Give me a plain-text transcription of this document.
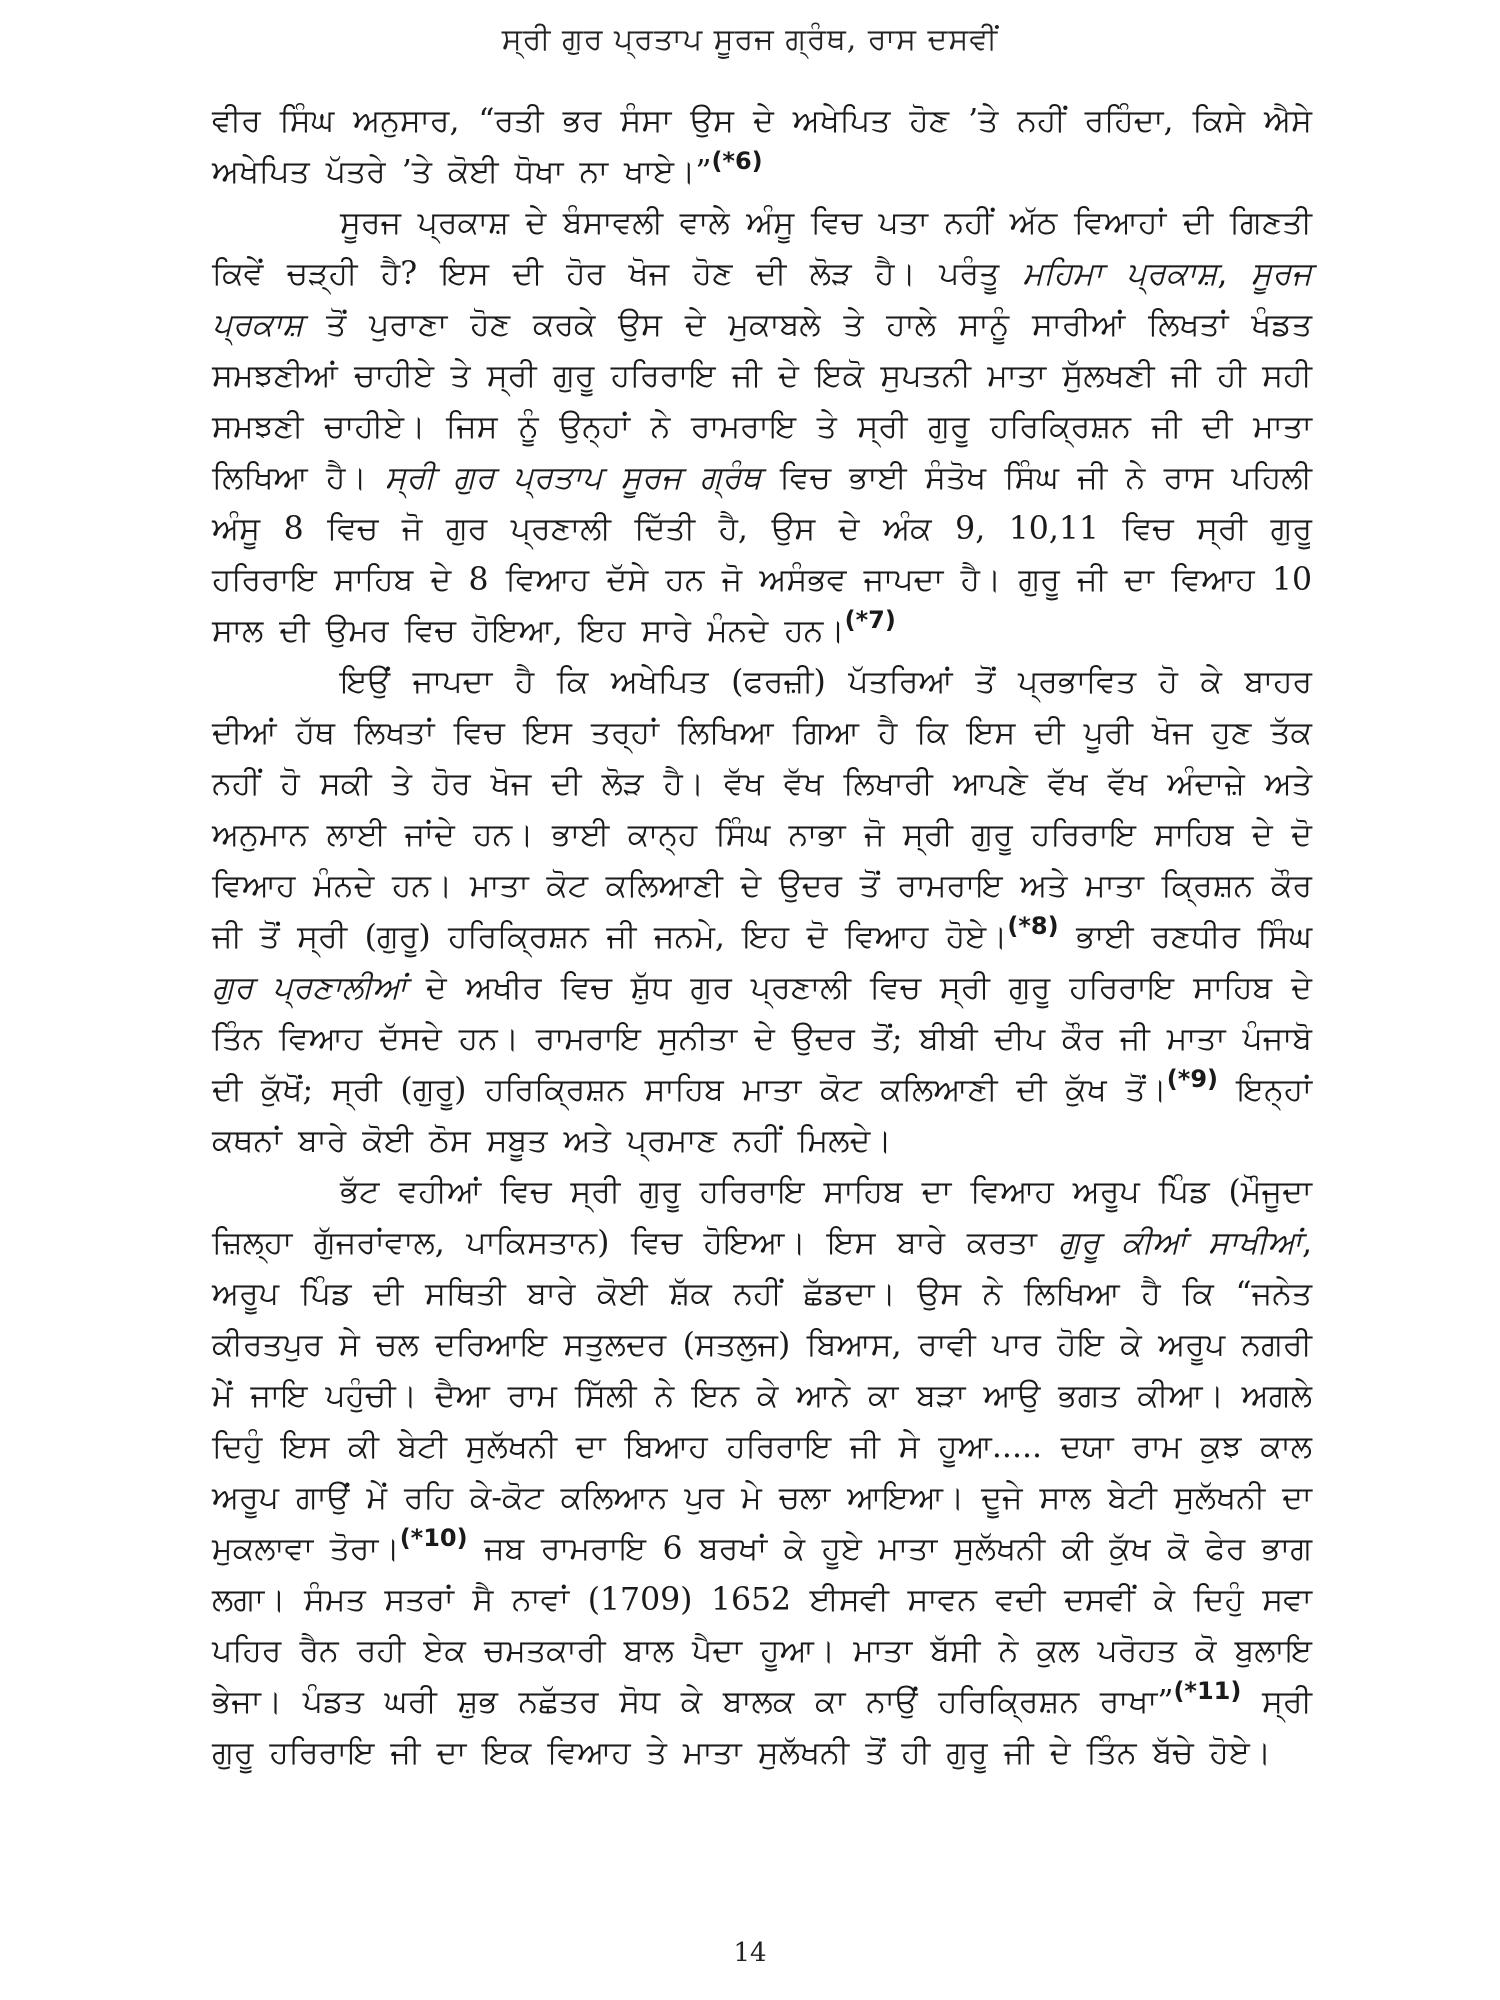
ਸ੍ਰੀ ਗੁਰ ਪ੍ਰਤਾਪ ਸੂਰਜ ਗ੍ਰੰਥ, ਰਾਸ ਦਸਵੀਂ

ਵੀਰ ਸਿੰਘ ਅਨੁਸਾਰ, “ਰਤੀ ਭਰ ਸੰਸਾ ਉਸ ਦੇ ਅਖੇਪਿਤ ਹੋਣ ’ਤੇ ਨਹੀਂ ਰਹਿੰਦਾ, ਕਿਸੇ ਐਸੇ ਅਖੇਪਿਤ ਪੱਤਰੇ ’ਤੇ ਕੋਈ ਧੋਖਾ ਨਾ ਖਾਏ।”$^{(*6)}$

ਸੂਰਜ ਪ੍ਰਕਾਸ਼ ਦੇ ਬੰਸਾਵਲੀ ਵਾਲੇ ਅੰਸੂ ਵਿਚ ਪਤਾ ਨਹੀਂ ਅੱਠ ਵਿਆਹਾਂ ਦੀ ਗਿਣਤੀ ਕਿਵੇਂ ਚੜ੍ਹੀ ਹੈ? ਇਸ ਦੀ ਹੋਰ ਖੋਜ ਹੋਣ ਦੀ ਲੋੜ ਹੈ। ਪਰੰਤੂ ਮਹਿਮਾ ਪ੍ਰਕਾਸ਼, ਸੂਰਜ ਪ੍ਰਕਾਸ਼ ਤੋਂ ਪੁਰਾਣਾ ਹੋਣ ਕਰਕੇ ਉਸ ਦੇ ਮੁਕਾਬਲੇ ਤੇ ਹਾਲੇ ਸਾਨੂੰ ਸਾਰੀਆਂ ਲਿਖਤਾਂ ਖੰਡਤ ਸਮਝਣੀਆਂ ਚਾਹੀਏ ਤੇ ਸ੍ਰੀ ਗੁਰੂ ਹਰਿਰਾਇ ਜੀ ਦੇ ਇਕੋ ਸੁਪਤਨੀ ਮਾਤਾ ਸੁੱਲਖਣੀ ਜੀ ਹੀ ਸਹੀ ਸਮਝਣੀ ਚਾਹੀਏ। ਜਿਸ ਨੂੰ ਉਨ੍ਹਾਂ ਨੇ ਰਾਮਰਾਇ ਤੇ ਸ੍ਰੀ ਗੁਰੂ ਹਰਿਕ੍ਰਿਸ਼ਨ ਜੀ ਦੀ ਮਾਤਾ ਲਿਖਿਆ ਹੈ। ਸ੍ਰੀ ਗੁਰ ਪ੍ਰਤਾਪ ਸੂਰਜ ਗ੍ਰੰਥ ਵਿਚ ਭਾਈ ਸੰਤੋਖ ਸਿੰਘ ਜੀ ਨੇ ਰਾਸ ਪਹਿਲੀ ਅੰਸੂ 8 ਵਿਚ ਜੋ ਗੁਰ ਪ੍ਰਣਾਲੀ ਦਿੱਤੀ ਹੈ, ਉਸ ਦੇ ਅੰਕ 9, 10,11 ਵਿਚ ਸ੍ਰੀ ਗੁਰੂ ਹਰਿਰਾਇ ਸਾਹਿਬ ਦੇ 8 ਵਿਆਹ ਦੱਸੇ ਹਨ ਜੋ ਅਸੰਭਵ ਜਾਪਦਾ ਹੈ। ਗੁਰੂ ਜੀ ਦਾ ਵਿਆਹ 10 ਸਾਲ ਦੀ ਉਮਰ ਵਿਚ ਹੋਇਆ, ਇਹ ਸਾਰੇ ਮੰਨਦੇ ਹਨ।$^{(*7)}$

ਇਉਂ ਜਾਪਦਾ ਹੈ ਕਿ ਅਖੇਪਿਤ (ਫਰਜ਼ੀ) ਪੱਤਰਿਆਂ ਤੋਂ ਪ੍ਰਭਾਵਿਤ ਹੋ ਕੇ ਬਾਹਰ ਦੀਆਂ ਹੱਥ ਲਿਖਤਾਂ ਵਿਚ ਇਸ ਤਰ੍ਹਾਂ ਲਿਖਿਆ ਗਿਆ ਹੈ ਕਿ ਇਸ ਦੀ ਪੂਰੀ ਖੋਜ ਹੁਣ ਤੱਕ ਨਹੀਂ ਹੋ ਸਕੀ ਤੇ ਹੋਰ ਖੋਜ ਦੀ ਲੋੜ ਹੈ। ਵੱਖ ਵੱਖ ਲਿਖਾਰੀ ਆਪਣੇ ਵੱਖ ਵੱਖ ਅੰਦਾਜ਼ੇ ਅਤੇ ਅਨੁਮਾਨ ਲਾਈ ਜਾਂਦੇ ਹਨ। ਭਾਈ ਕਾਨ੍ਹ ਸਿੰਘ ਨਾਭਾ ਜੋ ਸ੍ਰੀ ਗੁਰੂ ਹਰਿਰਾਇ ਸਾਹਿਬ ਦੇ ਦੋ ਵਿਆਹ ਮੰਨਦੇ ਹਨ। ਮਾਤਾ ਕੋਟ ਕਲਿਆਣੀ ਦੇ ਉਦਰ ਤੋਂ ਰਾਮਰਾਇ ਅਤੇ ਮਾਤਾ ਕ੍ਰਿਸ਼ਨ ਕੌਰ ਜੀ ਤੋਂ ਸ੍ਰੀ (ਗੁਰੂ) ਹਰਿਕ੍ਰਿਸ਼ਨ ਜੀ ਜਨਮੇ, ਇਹ ਦੋ ਵਿਆਹ ਹੋਏ।$^{(*8)}$ ਭਾਈ ਰਣਧੀਰ ਸਿੰਘ ਗੁਰ ਪ੍ਰਣਾਲੀਆਂ ਦੇ ਅਖੀਰ ਵਿਚ ਸ਼ੁੱਧ ਗੁਰ ਪ੍ਰਣਾਲੀ ਵਿਚ ਸ੍ਰੀ ਗੁਰੂ ਹਰਿਰਾਇ ਸਾਹਿਬ ਦੇ ਤਿੰਨ ਵਿਆਹ ਦੱਸਦੇ ਹਨ। ਰਾਮਰਾਇ ਸੁਨੀਤਾ ਦੇ ਉਦਰ ਤੋਂ; ਬੀਬੀ ਦੀਪ ਕੌਰ ਜੀ ਮਾਤਾ ਪੰਜਾਬੋ ਦੀ ਕੁੱਖੋਂ; ਸ੍ਰੀ (ਗੁਰੂ) ਹਰਿਕ੍ਰਿਸ਼ਨ ਸਾਹਿਬ ਮਾਤਾ ਕੋਟ ਕਲਿਆਣੀ ਦੀ ਕੁੱਖ ਤੋਂ।$^{(*9)}$ ਇਨ੍ਹਾਂ ਕਥਨਾਂ ਬਾਰੇ ਕੋਈ ਠੋਸ ਸਬੂਤ ਅਤੇ ਪ੍ਰਮਾਣ ਨਹੀਂ ਮਿਲਦੇ।

ਭੱਟ ਵਹੀਆਂ ਵਿਚ ਸ੍ਰੀ ਗੁਰੂ ਹਰਿਰਾਇ ਸਾਹਿਬ ਦਾ ਵਿਆਹ ਅਰੂਪ ਪਿੰਡ (ਮੌਜੂਦਾ ਜ਼ਿਲ੍ਹਾ ਗੁੱਜਰਾਂਵਾਲ, ਪਾਕਿਸਤਾਨ) ਵਿਚ ਹੋਇਆ। ਇਸ ਬਾਰੇ ਕਰਤਾ ਗੁਰੂ ਕੀਆਂ ਸਾਖੀਆਂ, ਅਰੂਪ ਪਿੰਡ ਦੀ ਸਥਿਤੀ ਬਾਰੇ ਕੋਈ ਸ਼ੱਕ ਨਹੀਂ ਛੱਡਦਾ। ਉਸ ਨੇ ਲਿਖਿਆ ਹੈ ਕਿ “ਜਨੇਤ ਕੀਰਤਪੁਰ ਸੇ ਚਲ ਦਰਿਆਇ ਸਤੁਲਦਰ (ਸਤਲੁਜ) ਬਿਆਸ, ਰਾਵੀ ਪਾਰ ਹੋਇ ਕੇ ਅਰੂਪ ਨਗਰੀ ਮੇਂ ਜਾਇ ਪਹੁੰਚੀ। ਦੈਆ ਰਾਮ ਸਿੱਲੀ ਨੇ ਇਨ ਕੇ ਆਨੇ ਕਾ ਬੜਾ ਆਉ ਭਗਤ ਕੀਆ। ਅਗਲੇ ਦਿਹੁੰ ਇਸ ਕੀ ਬੇਟੀ ਸੁਲੱਖਨੀ ਦਾ ਬਿਆਹ ਹਰਿਰਾਇ ਜੀ ਸੇ ਹੂਆ..... ਦਯਾ ਰਾਮ ਕੁਝ ਕਾਲ ਅਰੂਪ ਗਾਉਂ ਮੇਂ ਰਹਿ ਕੇ-ਕੋਟ ਕਲਿਆਨ ਪੁਰ ਮੇ ਚਲਾ ਆਇਆ। ਦੂਜੇ ਸਾਲ ਬੇਟੀ ਸੁਲੱਖਨੀ ਦਾ ਮੁਕਲਾਵਾ ਤੋਰਾ।$^{(*10)}$ ਜਬ ਰਾਮਰਾਇ 6 ਬਰਖਾਂ ਕੇ ਹੂਏ ਮਾਤਾ ਸੁਲੱਖਨੀ ਕੀ ਕੁੱਖ ਕੋ ਫੇਰ ਭਾਗ ਲਗਾ। ਸੰਮਤ ਸਤਰਾਂ ਸੈ ਨਾਵਾਂ (1709) 1652 ਈਸਵੀ ਸਾਵਨ ਵਦੀ ਦਸਵੀਂ ਕੇ ਦਿਹੁੰ ਸਵਾ ਪਹਿਰ ਰੈਨ ਰਹੀ ਏਕ ਚਮਤਕਾਰੀ ਬਾਲ ਪੈਦਾ ਹੂਆ। ਮਾਤਾ ਬੱਸੀ ਨੇ ਕੁਲ ਪਰੋਹਤ ਕੋ ਬੁਲਾਇ ਭੇਜਾ। ਪੰਡਤ ਘਰੀ ਸ਼ੁਭ ਨਛੱਤਰ ਸੋਧ ਕੇ ਬਾਲਕ ਕਾ ਨਾਉਂ ਹਰਿਕ੍ਰਿਸ਼ਨ ਰਾਖਾ”$^{(*11)}$ ਸ੍ਰੀ ਗੁਰੂ ਹਰਿਰਾਇ ਜੀ ਦਾ ਇਕ ਵਿਆਹ ਤੇ ਮਾਤਾ ਸੁਲੱਖਨੀ ਤੋਂ ਹੀ ਗੁਰੂ ਜੀ ਦੇ ਤਿੰਨ ਬੱਚੇ ਹੋਏ।

14
